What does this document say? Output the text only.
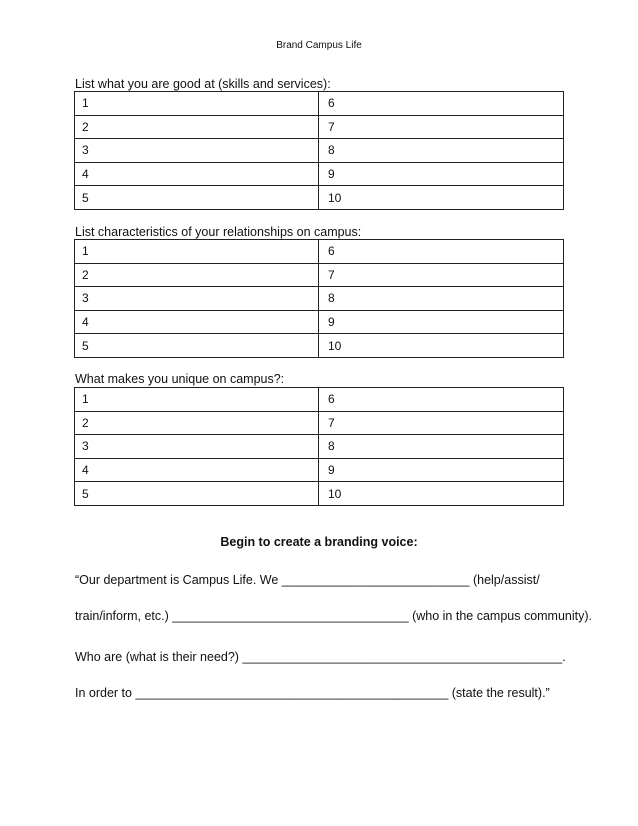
Brand Campus Life
List what you are good at (skills and services):
1	6
2	7
3	8
4	9
5	10
List characteristics of your relationships on campus:
1	6
2	7
3	8
4	9
5	10
What makes you unique on campus?:
1	6
2	7
3	8
4	9
5	10
Begin to create a branding voice:
“Our department is Campus Life. We ___________________________ (help/assist/
train/inform, etc.) __________________________________ (who in the campus community).
Who are (what is their need?) ______________________________________________.
In order to _____________________________________________ (state the result).”
